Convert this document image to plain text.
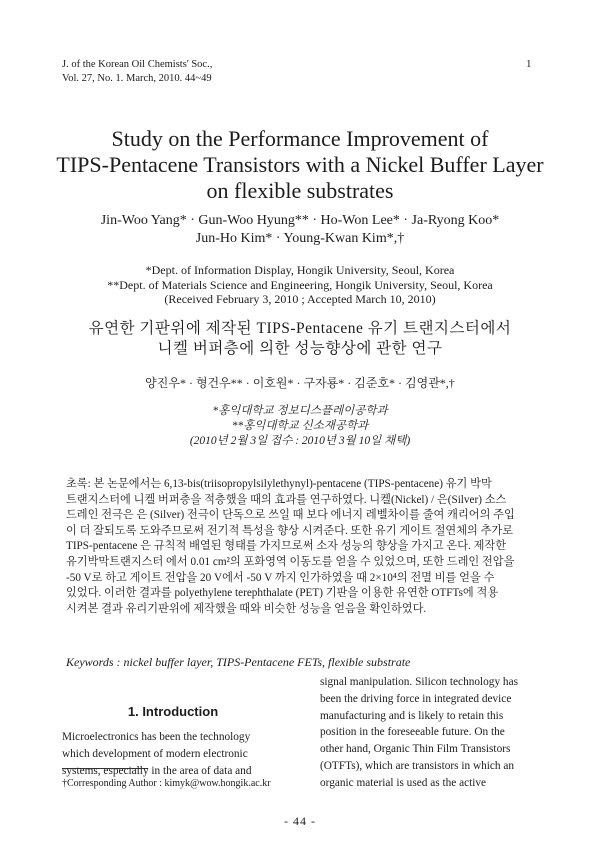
J. of the Korean Oil Chemists' Soc.,
Vol. 27, No. 1. March, 2010. 44~49
1
Study on the Performance Improvement of
TIPS-Pentacene Transistors with a Nickel Buffer Layer
on flexible substrates
Jin-Woo Yang* · Gun-Woo Hyung** · Ho-Won Lee* · Ja-Ryong Koo*
Jun-Ho Kim* · Young-Kwan Kim*,†
*Dept. of Information Display, Hongik University, Seoul, Korea
**Dept. of Materials Science and Engineering, Hongik University, Seoul, Korea
(Received February 3, 2010 ; Accepted March 10, 2010)
유연한 기판위에 제작된 TIPS-Pentacene 유기 트랜지스터에서
니켈 버퍼층에 의한 성능향상에 관한 연구
양진우* · 형건우** · 이호원* · 구자룡* · 김준호* · 김영관*,†
*홍익대학교 정보디스플레이공학과
**홍익대학교 신소재공학과
(2010년 2월 3일 접수 : 2010년 3월 10일 채택)

초록: 본 논문에서는 6,13-bis(triisopropylsilylethynyl)-pentacene (TIPS-pentacene) 유기 박막

트랜지스터에 니켈 버퍼층을 적층했을 때의 효과를 연구하였다. 니켈(Nickel) / 은(Silver) 소스

드레인 전극은 은 (Silver) 전극이 단독으로 쓰일 때 보다 에너지 레벨차이를 줄여 캐리어의 주입

이 더 잘되도록 도와주므로써 전기적 특성을 향상 시켜준다. 또한 유기 게이트 절연체의 추가로

TIPS-pentacene 은 규칙적 배열된 형태를 가지므로써 소자 성능의 향상을 가지고 온다. 제작한

유기박막트랜지스터 에서 0.01 cm²의 포화영역 이동도를 얻을 수 있었으며, 또한 드레인 전압을

-50 V로 하고 게이트 전압을 20 V에서 -50 V 까지 인가하였을 때 2×10⁴의 전멸 비를 얻을 수

있었다. 이러한 결과를 polyethylene terephthalate (PET) 기판을 이용한 유연한 OTFTs에 적용

시켜본 결과 유리기판위에 제작했을 때와 비슷한 성능을 얻음을 확인하였다.

Keywords : nickel buffer layer, TIPS-Pentacene FETs, flexible substrate
1. Introduction

Microelectronics has been the technology

which development of modern electronic

systems, especially in the area of data and

signal manipulation. Silicon technology has

been the driving force in integrated device

manufacturing and is likely to retain this

position in the foreseeable future. On the

other hand, Organic Thin Film Transistors

(OTFTs), which are transistors in which an

organic material is used as the active

†Corresponding Author : kimyk@wow.hongik.ac.kr
- 44 -
